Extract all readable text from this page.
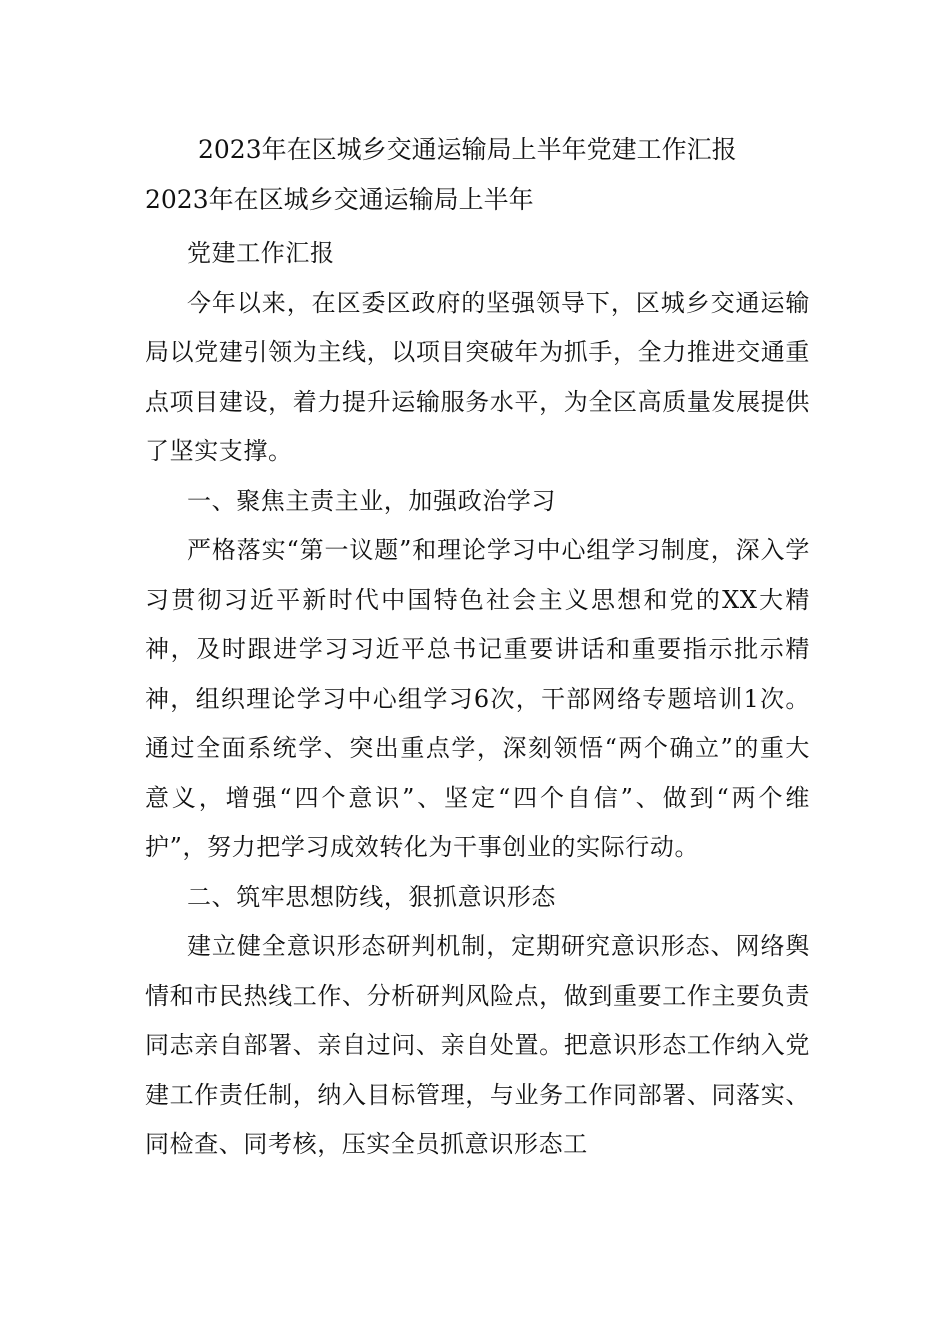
2023年在区城乡交通运输局上半年党建工作汇报
2023年在区城乡交通运输局上半年

党建工作汇报

今年以来，在区委区政府的坚强领导下，区城乡交通运输局以党建引领为主线，以项目突破年为抓手，全力推进交通重点项目建设，着力提升运输服务水平，为全区高质量发展提供了坚实支撑。

一、聚焦主责主业，加强政治学习

严格落实“第一议题”和理论学习中心组学习制度，深入学习贯彻习近平新时代中国特色社会主义思想和党的XX大精神，及时跟进学习习近平总书记重要讲话和重要指示批示精神，组织理论学习中心组学习6次，干部网络专题培训1次。通过全面系统学、突出重点学，深刻领悟“两个确立”的重大意义，增强“四个意识”、坚定“四个自信”、做到“两个维护”，努力把学习成效转化为干事创业的实际行动。

二、筑牢思想防线，狠抓意识形态

建立健全意识形态研判机制，定期研究意识形态、网络舆情和市民热线工作、分析研判风险点，做到重要工作主要负责同志亲自部署、亲自过问、亲自处置。把意识形态工作纳入党建工作责任制，纳入目标管理，与业务工作同部署、同落实、同检查、同考核，压实全员抓意识形态工
